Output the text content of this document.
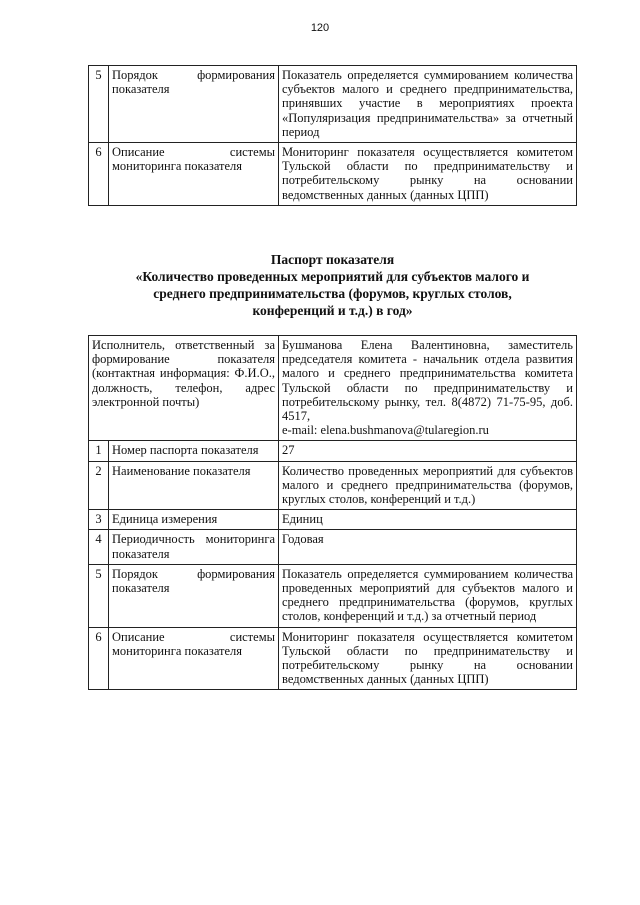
120
5	Порядок формирования показателя	Показатель определяется суммированием количества субъектов малого и среднего предпринимательства, принявших участие в мероприятиях проекта «Популяризация предпринимательства» за отчетный период
6	Описание системы мониторинга показателя	Мониторинг показателя осуществляется комитетом Тульской области по предпринимательству и потребительскому рынку на основании ведомственных данных (данных ЦПП)
Паспорт показателя
«Количество проведенных мероприятий для субъектов малого и
среднего предпринимательства (форумов, круглых столов,
конференций и т.д.) в год»
Исполнитель, ответственный за формирование показателя (контактная информация: Ф.И.О., должность, телефон, адрес электронной почты)		Бушманова Елена Валентиновна, заместитель председателя комитета - начальник отдела развития малого и среднего предпринимательства комитета Тульской области по предпринимательству и потребительскому рынку, тел. 8(4872) 71-75-95, доб. 4517,
e-mail: elena.bushmanova@tularegion.ru
1	Номер паспорта показателя	27
2	Наименование показателя	Количество проведенных мероприятий для субъектов малого и среднего предпринимательства (форумов, круглых столов, конференций и т.д.)
3	Единица измерения	Единиц
4	Периодичность мониторинга показателя	Годовая
5	Порядок формирования показателя	Показатель определяется суммированием количества проведенных мероприятий для субъектов малого и среднего предпринимательства (форумов, круглых столов, конференций и т.д.) за отчетный период
6	Описание системы мониторинга показателя	Мониторинг показателя осуществляется комитетом Тульской области по предпринимательству и потребительскому рынку на основании ведомственных данных (данных ЦПП)
